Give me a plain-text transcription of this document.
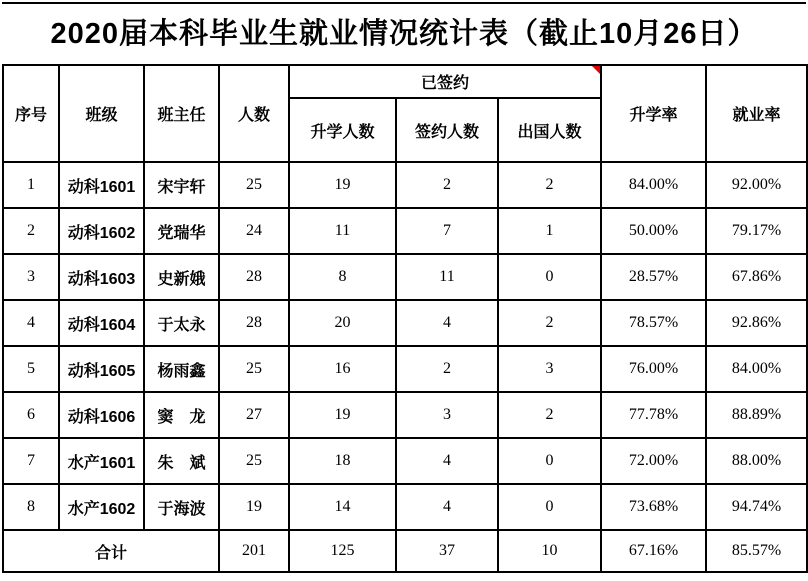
2020届本科毕业生就业情况统计表（截止10月26日）
序号	班级	班主任	人数	已签约			升学率	就业率
				升学人数	签约人数	出国人数		
1	动科1601	宋宇轩	25	19	2	2	84.00%	92.00%
2	动科1602	党瑞华	24	11	7	1	50.00%	79.17%
3	动科1603	史新娥	28	8	11	0	28.57%	67.86%
4	动科1604	于太永	28	20	4	2	78.57%	92.86%
5	动科1605	杨雨鑫	25	16	2	3	76.00%	84.00%
6	动科1606	窦　龙	27	19	3	2	77.78%	88.89%
7	水产1601	朱　斌	25	18	4	0	72.00%	88.00%
8	水产1602	于海波	19	14	4	0	73.68%	94.74%
合计			201	125	37	10	67.16%	85.57%
